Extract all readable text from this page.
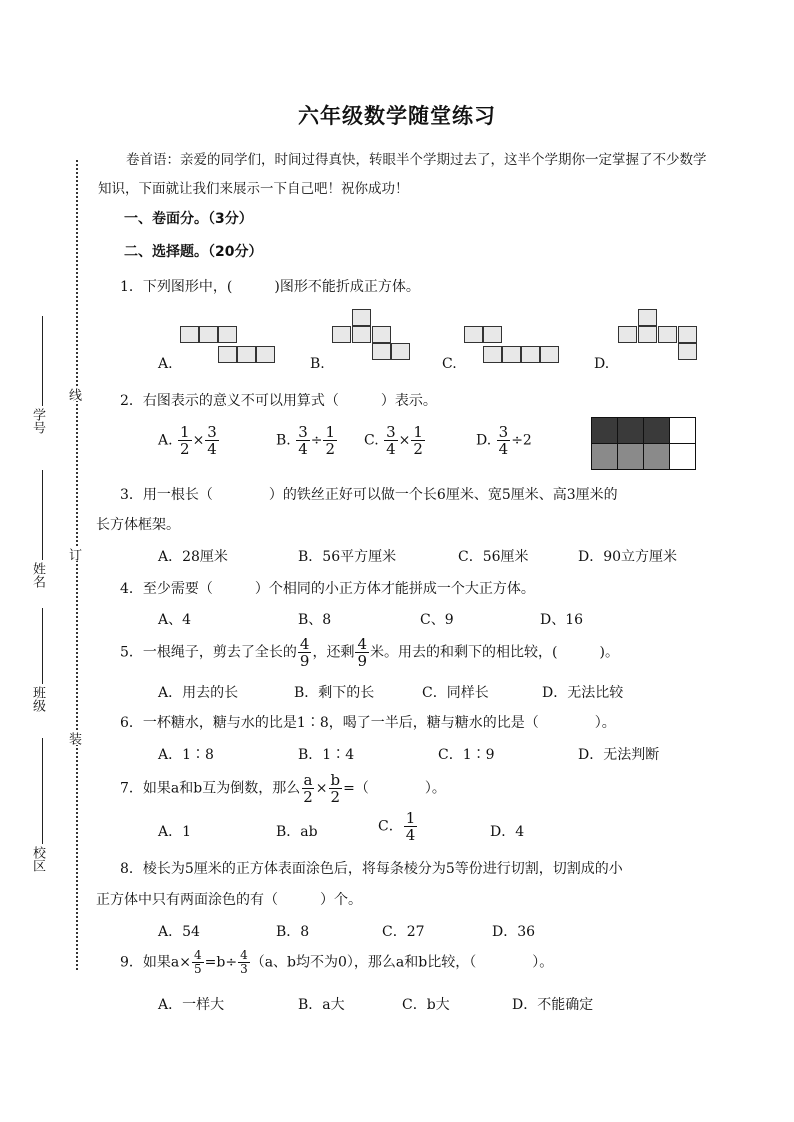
六年级数学随堂练习
卷首语：亲爱的同学们，时间过得真快，转眼半个学期过去了，这半个学期你一定掌握了不少数学知识，下面就让我们来展示一下自己吧！祝你成功！
一、卷面分。（3分）
二、选择题。（20分）
线
订
装
学号
姓名
班级
校区
1．下列图形中，(　　　)图形不能折成正方体。
A.	B.	C.	D.
2．右图表示的意义不可以用算式（　　　）表示。
A. $\frac{1}{2} \times \frac{3}{4}$	B. $\frac{3}{4} \div \frac{1}{2} C$. $\frac{3}{4} \times \frac{1}{2}$	D. $\frac{3}{4} \div 2$
3．用一根长（　　　　）的铁丝正好可以做一个长6厘米、宽5厘米、高3厘米的
长方体框架。
A．28厘米	B．56平方厘米	C．56厘米	D．90立方厘米
4．至少需要（　　　）个相同的小正方体才能拼成一个大正方体。
A、4	B、8	C、9	D、16
5．一根绳子，剪去了全长的 $\frac{4}{9}$ ，还剩 $\frac{4}{9}$ 米。用去的和剩下的相比较，(　　　)。
A．用去的长	B．剩下的长	C．同样长	D．无法比较
6．一杯糖水，糖与水的比是1∶8，喝了一半后，糖与糖水的比是（　　　　）。
A．1∶8	B．1∶4	C．1∶9	D．无法判断
7．如果a和b互为倒数，那么 $\frac{a}{2} \times \frac{b}{2}$ =（　　　　）。
A．1	B．ab	C． $\frac{1}{4}$	D．4
8．棱长为5厘米的正方体表面涂色后，将每条棱分为5等份进行切割，切割成的小
正方体中只有两面涂色的有（　　　）个。
A．54	B．8	C．27	D．36
9．如果$a\times \frac{4}{5} =b\div \frac{4}{3} (a$、b均不为0），那么a和b比较，（　　　　）。
A．一样大	B．a大	C．b大	D．不能确定
